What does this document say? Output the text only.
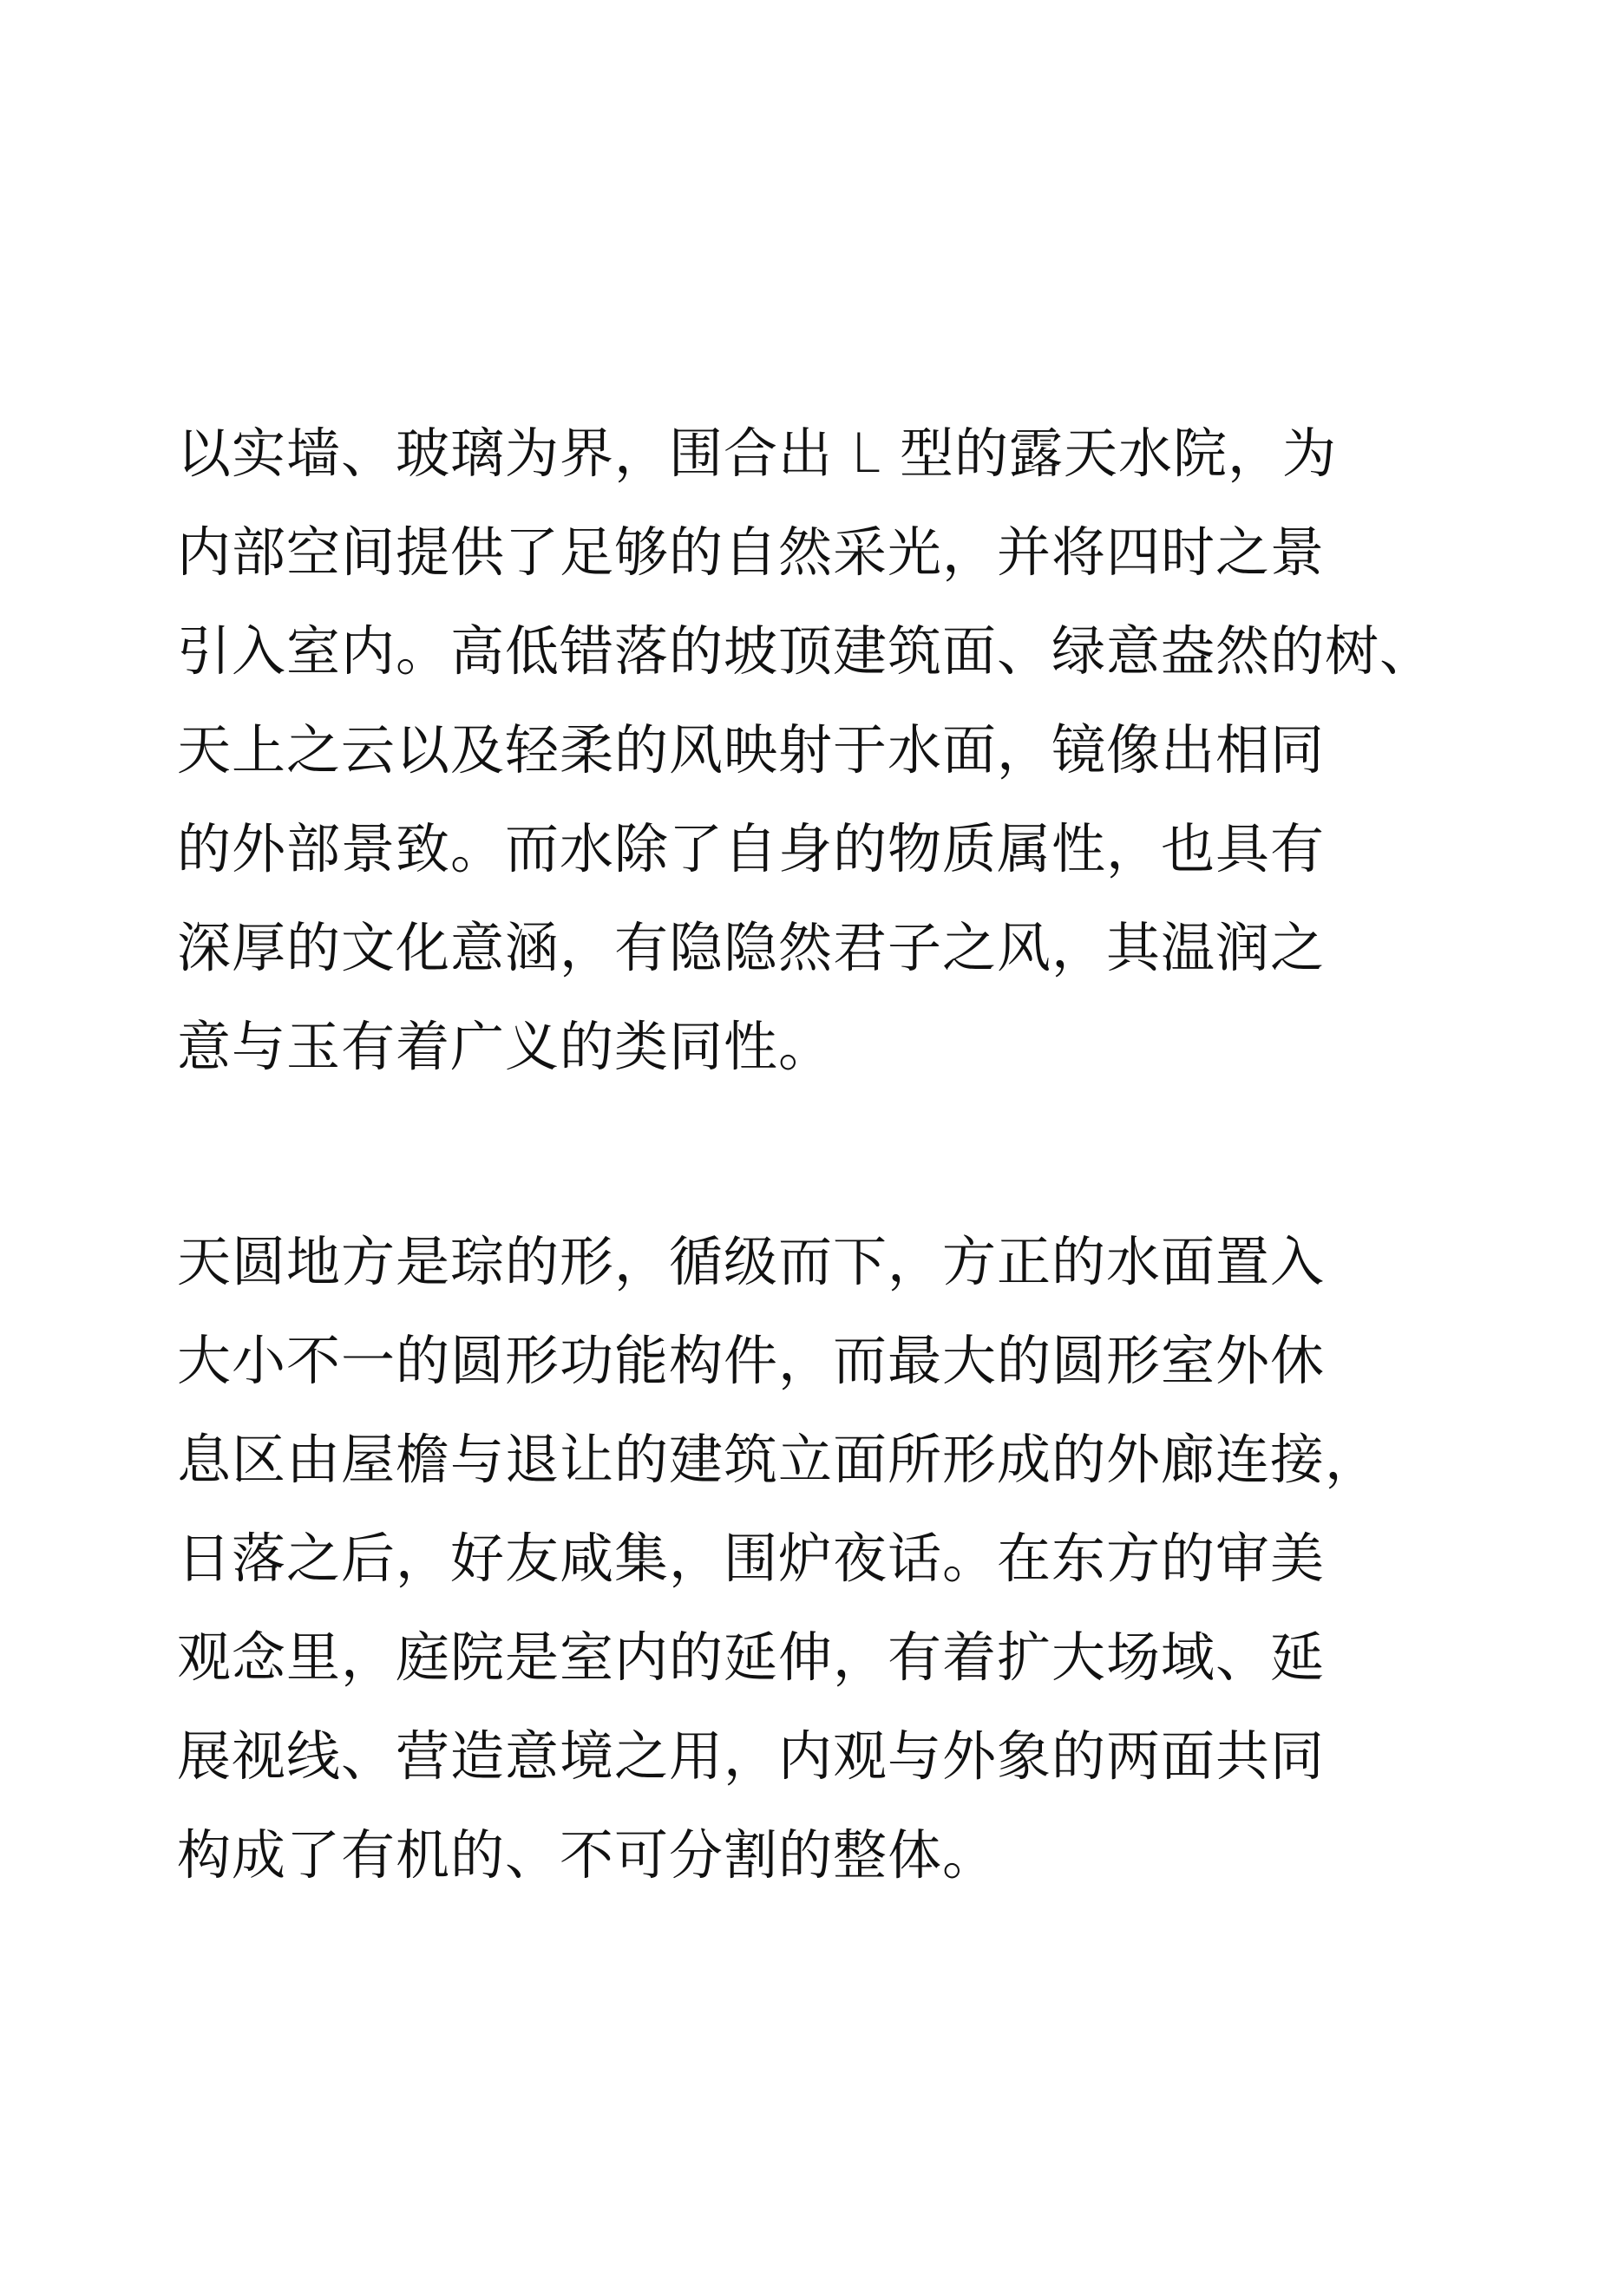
以实墙、玻璃为界，围合出 L 型的露天水院，为
内部空间提供了足够的自然采光，并将四时之景
引入室内。高低错落的坡顶建筑面、绿意盎然的树、
天上之云以及轻柔的风映射于水面，镜像出相同
的外部景致。而水除了自身的物质属性，也具有
深厚的文化意涵，有隐隐然君子之风，其温润之
意与玉有着广义的类同性。
天圆地方是琮的形，循级而下，方正的水面置入
大小不一的圆形功能构件，而最大的圆形室外休
息区由屋檐与退让的建筑立面所形成的外廊连接，
日落之后，好友咸集，围炉夜话。在东方的审美
观念里，庭院是室内的延伸，有着扩大场域、延
展视线、营造意境之用，内观与外象的两面共同
构成了有机的、不可分割的整体。
